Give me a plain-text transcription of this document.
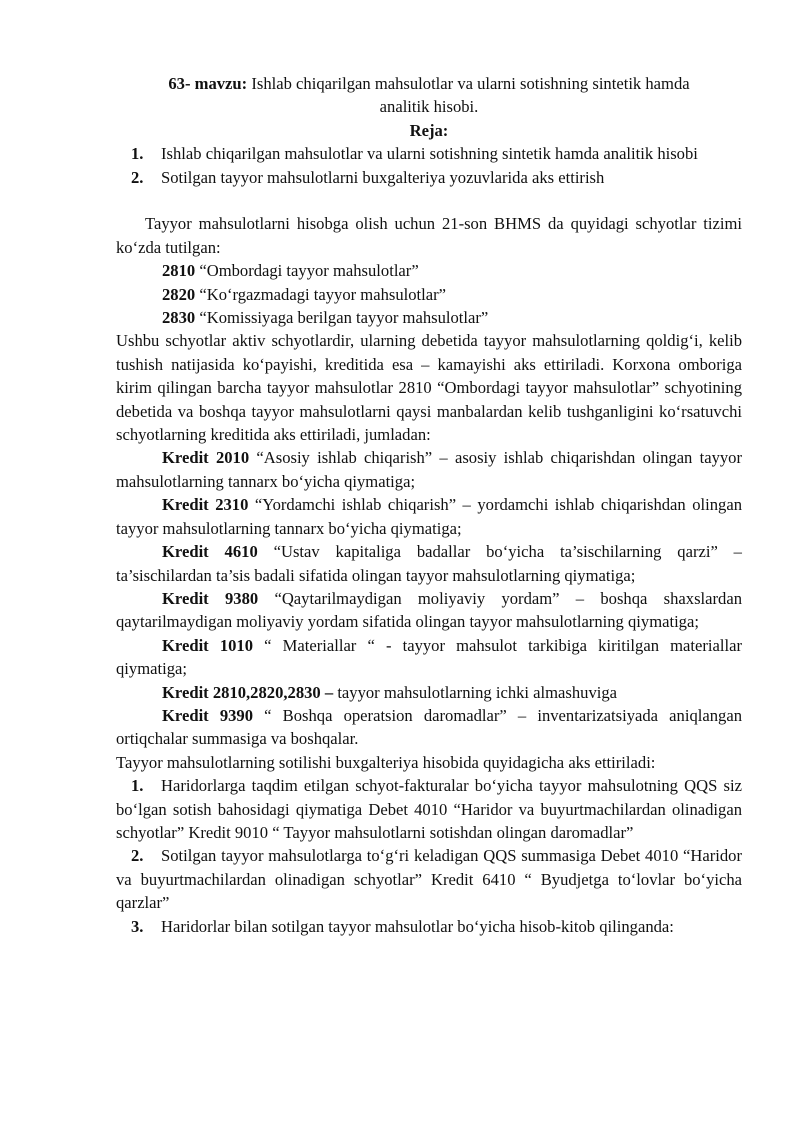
63- mavzu: Ishlab chiqarilgan mahsulotlar va ularni sotishning sintetik hamda
analitik hisobi.

Reja:

1. Ishlab chiqarilgan mahsulotlar va ularni sotishning sintetik hamda analitik hisobi

2. Sotilgan tayyor mahsulotlarni buxgalteriya yozuvlarida aks ettirish

Tayyor mahsulotlarni hisobga olish uchun 21-son BHMS da quyidagi schyotlar tizimi ko‘zda tutilgan:

2810 “Ombordagi tayyor mahsulotlar”

2820 “Ko‘rgazmadagi tayyor mahsulotlar”

2830 “Komissiyaga berilgan tayyor mahsulotlar”

Ushbu schyotlar aktiv schyotlardir, ularning debetida tayyor mahsulotlarning qoldig‘i, kelib tushish natijasida ko‘payishi, kreditida esa – kamayishi aks ettiriladi. Korxona omboriga kirim qilingan barcha tayyor mahsulotlar 2810 “Ombordagi tayyor mahsulotlar” schyotining debetida va boshqa tayyor mahsulotlarni qaysi manbalardan kelib tushganligini ko‘rsatuvchi schyotlarning kreditida aks ettiriladi, jumladan:

Kredit 2010 “Asosiy ishlab chiqarish” – asosiy ishlab chiqarishdan olingan tayyor mahsulotlarning tannarx bo‘yicha qiymatiga;

Kredit 2310 “Yordamchi ishlab chiqarish” – yordamchi ishlab chiqarishdan olingan tayyor mahsulotlarning tannarx bo‘yicha qiymatiga;

Kredit 4610 “Ustav kapitaliga badallar bo‘yicha ta’sischilarning qarzi” – ta’sischilardan ta’sis badali sifatida olingan tayyor mahsulotlarning qiymatiga;

Kredit 9380 “Qaytarilmaydigan moliyaviy yordam” – boshqa shaxslardan qaytarilmaydigan moliyaviy yordam sifatida olingan tayyor mahsulotlarning qiymatiga;

Kredit 1010 “ Materiallar “ - tayyor mahsulot tarkibiga kiritilgan materiallar qiymatiga;

Kredit 2810,2820,2830 – tayyor mahsulotlarning ichki almashuviga

Kredit 9390 “ Boshqa operatsion daromadlar” – inventarizatsiyada aniqlangan ortiqchalar summasiga va boshqalar.

Tayyor mahsulotlarning sotilishi buxgalteriya hisobida quyidagicha aks ettiriladi:

1. Haridorlarga taqdim etilgan schyot-fakturalar bo‘yicha tayyor mahsulotning QQS siz bo‘lgan sotish bahosidagi qiymatiga Debet 4010 “Haridor va buyurtmachilardan olinadigan schyotlar” Kredit 9010 “ Tayyor mahsulotlarni sotishdan olingan daromadlar”

2. Sotilgan tayyor mahsulotlarga to‘g‘ri keladigan QQS summasiga Debet 4010 “Haridor va buyurtmachilardan olinadigan schyotlar” Kredit 6410 “ Byudjetga to‘lovlar bo‘yicha qarzlar”

3. Haridorlar bilan sotilgan tayyor mahsulotlar bo‘yicha hisob-kitob qilinganda:
